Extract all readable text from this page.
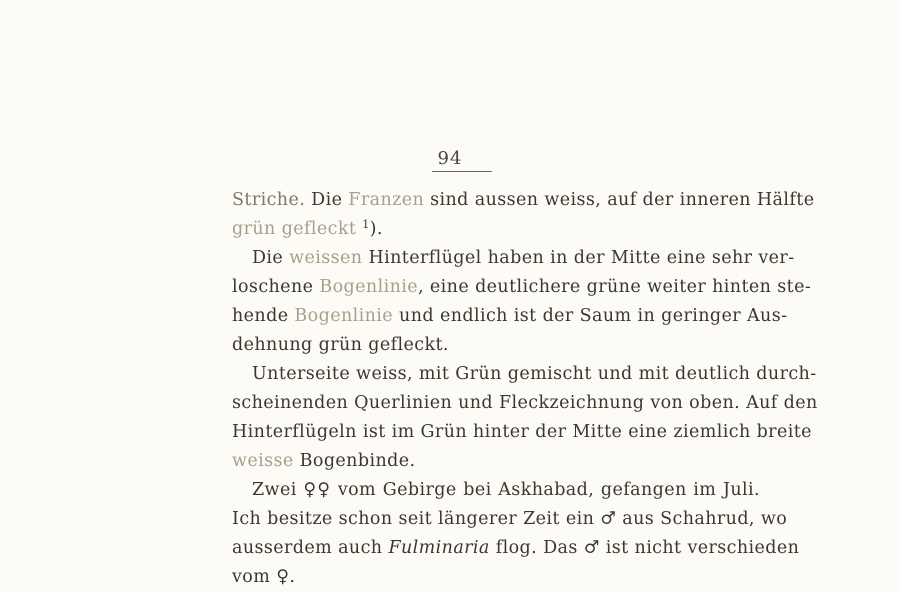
94
Striche. Die Franzen sind aussen weiss, auf der inneren Hälfte
grün gefleckt $^1$).
Die weissen Hinterflügel haben in der Mitte eine sehr ver-
loschene Bogenlinie, eine deutlichere grüne weiter hinten ste-
hende Bogenlinie und endlich ist der Saum in geringer Aus-
dehnung grün gefleckt.
Unterseite weiss, mit Grün gemischt und mit deutlich durch-
scheinenden Querlinien und Fleckzeichnung von oben. Auf den
Hinterflügeln ist im Grün hinter der Mitte eine ziemlich breite
weisse Bogenbinde.
Zwei ♀♀ vom Gebirge bei Askhabad, gefangen im Juli.
Ich besitze schon seit längerer Zeit ein ♂ aus Schahrud, wo
ausserdem auch Fulminaria flog. Das ♂ ist nicht verschieden
vom ♀.
